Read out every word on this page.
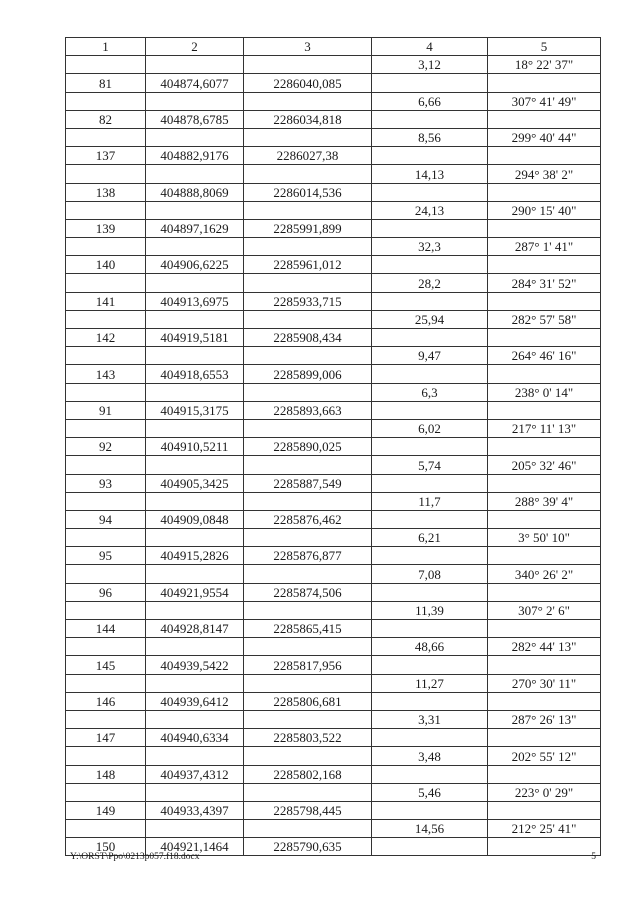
1	2	3	4	5
			3,12	18° 22' 37"
81	404874,6077	2286040,085		
			6,66	307° 41' 49"
82	404878,6785	2286034,818		
			8,56	299° 40' 44"
137	404882,9176	2286027,38		
			14,13	294° 38' 2"
138	404888,8069	2286014,536		
			24,13	290° 15' 40"
139	404897,1629	2285991,899		
			32,3	287° 1' 41"
140	404906,6225	2285961,012		
			28,2	284° 31' 52"
141	404913,6975	2285933,715		
			25,94	282° 57' 58"
142	404919,5181	2285908,434		
			9,47	264° 46' 16"
143	404918,6553	2285899,006		
			6,3	238° 0' 14"
91	404915,3175	2285893,663		
			6,02	217° 11' 13"
92	404910,5211	2285890,025		
			5,74	205° 32' 46"
93	404905,3425	2285887,549		
			11,7	288° 39' 4"
94	404909,0848	2285876,462		
			6,21	3° 50' 10"
95	404915,2826	2285876,877		
			7,08	340° 26' 2"
96	404921,9554	2285874,506		
			11,39	307° 2' 6"
144	404928,8147	2285865,415		
			48,66	282° 44' 13"
145	404939,5422	2285817,956		
			11,27	270° 30' 11"
146	404939,6412	2285806,681		
			3,31	287° 26' 13"
147	404940,6334	2285803,522		
			3,48	202° 55' 12"
148	404937,4312	2285802,168		
			5,46	223° 0' 29"
149	404933,4397	2285798,445		
			14,56	212° 25' 41"
150	404921,1464	2285790,635		
Y:\ORST\Ppo\0213p057.f18.docx	5
